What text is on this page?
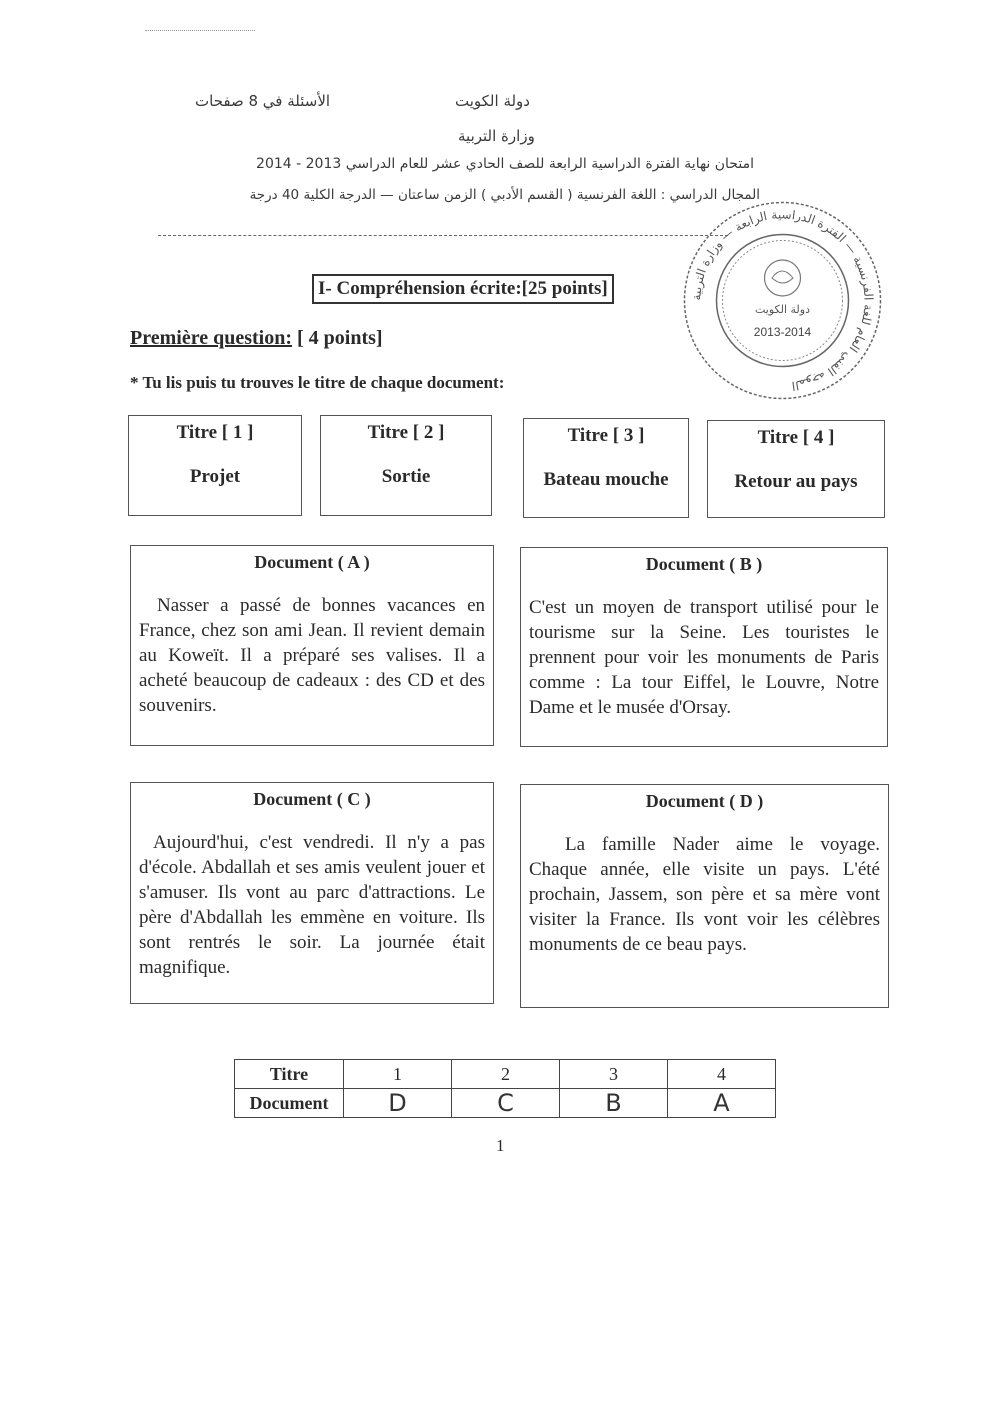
دولة الكويت
الأسئلة في 8 صفحات
وزارة التربية
امتحان نهاية الفترة الدراسية الرابعة للصف الحادي عشر للعام الدراسي 2013 - 2014
المجال الدراسي : اللغة الفرنسية ( القسم الأدبي ) الزمن ساعتان — الدرجة الكلية 40 درجة
الموجه الفني العام للغة الفرنسية — الفترة الدراسية الرابعة — وزارة التربية
دولة الكويت
2013-2014
I- Compréhension écrite:[25 points]
Première question: [ 4 points]
* Tu lis puis tu trouves le titre de chaque document:
Titre [ 1 ]
Projet
Titre [ 2 ]
Sortie
Titre [ 3 ]
Bateau mouche
Titre [ 4 ]
Retour au pays
Document ( A )
Nasser a passé de bonnes vacances en France, chez son ami Jean. Il revient demain au Koweït. Il a préparé ses valises. Il a acheté beaucoup de cadeaux : des CD et des souvenirs.
Document ( B )
C'est un moyen de transport utilisé pour le tourisme sur la Seine. Les touristes le prennent pour voir les monuments de Paris comme : La tour Eiffel, le Louvre, Notre Dame et le musée d'Orsay.
Document ( C )
Aujourd'hui, c'est vendredi. Il n'y a pas d'école. Abdallah et ses amis veulent jouer et s'amuser. Ils vont au parc d'attractions. Le père d'Abdallah les emmène en voiture. Ils sont rentrés le soir. La journée était magnifique.
Document ( D )
La famille Nader aime le voyage. Chaque année, elle visite un pays. L'été prochain, Jassem, son père et sa mère vont visiter la France. Ils vont voir les célèbres monuments de ce beau pays.
Titre	1	2	3	4
Document	D	C	B	A
1
